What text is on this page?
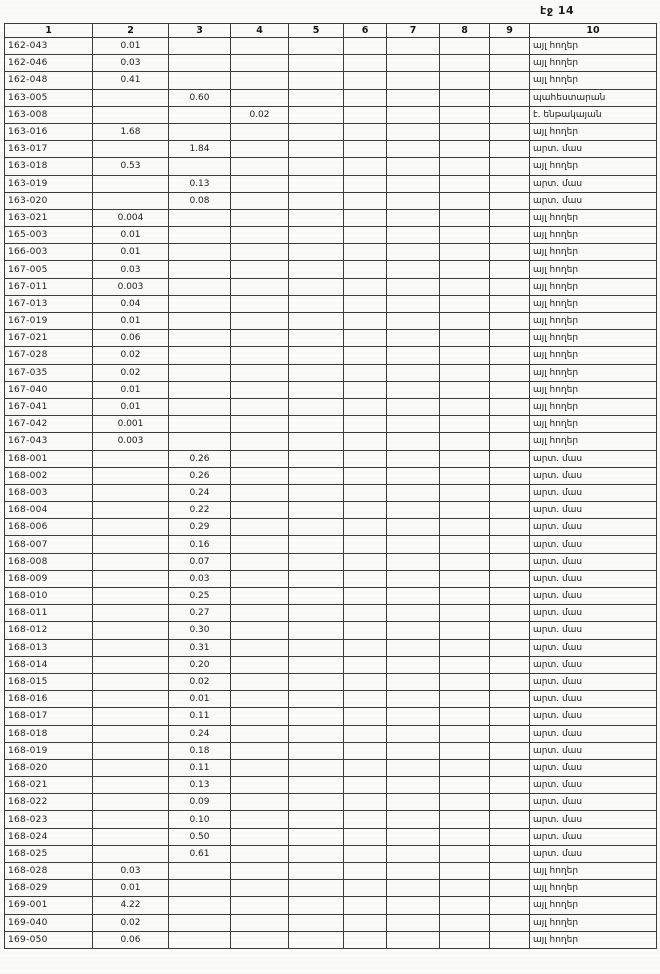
էջ 14
1	2	3	4	5	6	7	8	9	10
162-043	0.01								այլ հողեր
162-046	0.03								այլ հողեր
162-048	0.41								այլ հողեր
163-005		0.60							պահեստարան
163-008			0.02						է. ենթակայան
163-016	1.68								այլ հողեր
163-017		1.84							արտ. մաս
163-018	0.53								այլ հողեր
163-019		0.13							արտ. մաս
163-020		0.08							արտ. մաս
163-021	0.004								այլ հողեր
165-003	0.01								այլ հողեր
166-003	0.01								այլ հողեր
167-005	0.03								այլ հողեր
167-011	0.003								այլ հողեր
167-013	0.04								այլ հողեր
167-019	0.01								այլ հողեր
167-021	0.06								այլ հողեր
167-028	0.02								այլ հողեր
167-035	0.02								այլ հողեր
167-040	0.01								այլ հողեր
167-041	0.01								այլ հողեր
167-042	0.001								այլ հողեր
167-043	0.003								այլ հողեր
168-001		0.26							արտ. մաս
168-002		0.26							արտ. մաս
168-003		0.24							արտ. մաս
168-004		0.22							արտ. մաս
168-006		0.29							արտ. մաս
168-007		0.16							արտ. մաս
168-008		0.07							արտ. մաս
168-009		0.03							արտ. մաս
168-010		0.25							արտ. մաս
168-011		0.27							արտ. մաս
168-012		0.30							արտ. մաս
168-013		0.31							արտ. մաս
168-014		0.20							արտ. մաս
168-015		0.02							արտ. մաս
168-016		0.01							արտ. մաս
168-017		0.11							արտ. մաս
168-018		0.24							արտ. մաս
168-019		0.18							արտ. մաս
168-020		0.11							արտ. մաս
168-021		0.13							արտ. մաս
168-022		0.09							արտ. մաս
168-023		0.10							արտ. մաս
168-024		0.50							արտ. մաս
168-025		0.61							արտ. մաս
168-028	0.03								այլ հողեր
168-029	0.01								այլ հողեր
169-001	4.22								այլ հողեր
169-040	0.02								այլ հողեր
169-050	0.06								այլ հողեր
